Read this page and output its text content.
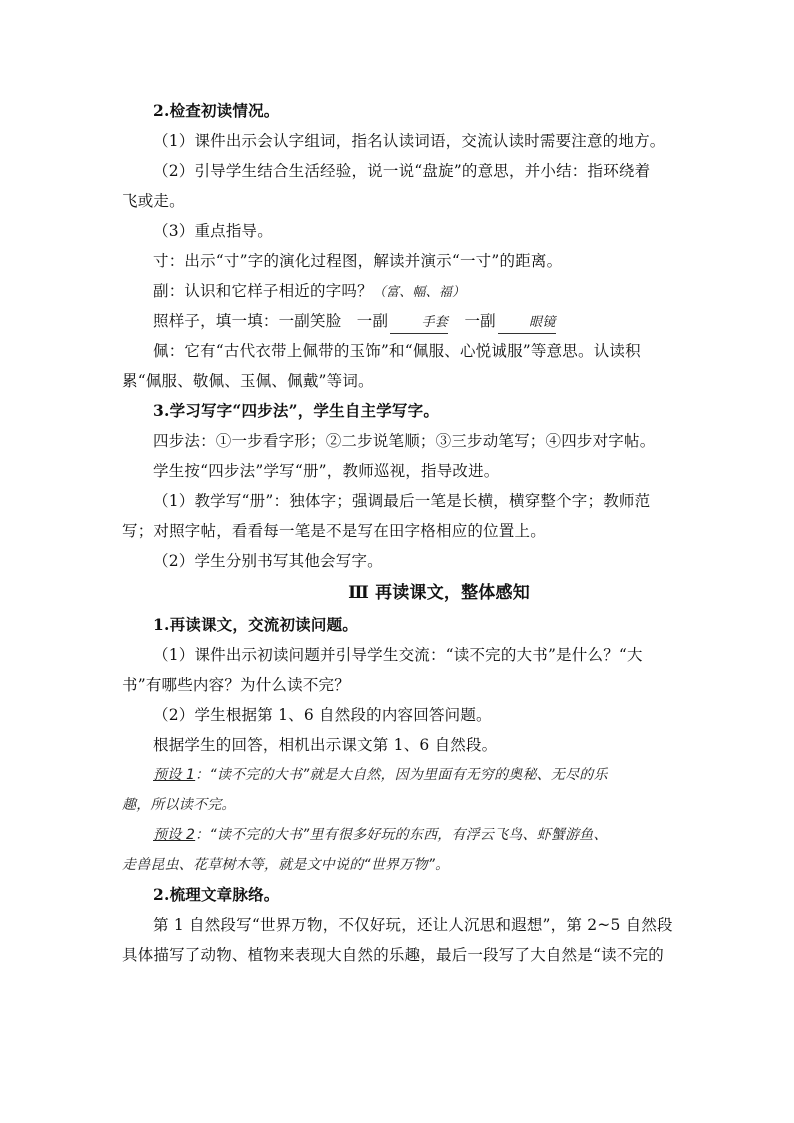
2.检查初读情况。

（1）课件出示会认字组词，指名认读词语，交流认读时需要注意的地方。

（2）引导学生结合生活经验，说一说“盘旋”的意思，并小结：指环绕着

飞或走。

（3）重点指导。

寸：出示“寸”字的演化过程图，解读并演示“一寸”的距离。

副：认识和它样子相近的字吗？（富、幅、福）

照样子，填一填：一副笑脸 一副	手套 一副	眼镜

佩：它有“古代衣带上佩带的玉饰”和“佩服、心悦诚服”等意思。认读积

累“佩服、敬佩、玉佩、佩戴”等词。

3.学习写字“四步法”，学生自主学写字。

四步法：①一步看字形；②二步说笔顺；③三步动笔写；④四步对字帖。

学生按“四步法”学写“册”，教师巡视，指导改进。

（1）教学写“册”：独体字；强调最后一笔是长横，横穿整个字；教师范

写；对照字帖，看看每一笔是不是写在田字格相应的位置上。

（2）学生分别书写其他会写字。

Ⅲ 再读课文，整体感知

1.再读课文，交流初读问题。

（1）课件出示初读问题并引导学生交流：“读不完的大书”是什么？“大

书”有哪些内容？为什么读不完？

（2）学生根据第 1、6 自然段的内容回答问题。

根据学生的回答，相机出示课文第 1、6 自然段。

预设 1：“读不完的大书”就是大自然，因为里面有无穷的奥秘、无尽的乐

趣，所以读不完。

预设 2：“读不完的大书”里有很多好玩的东西，有浮云飞鸟、虾蟹游鱼、

走兽昆虫、花草树木等，就是文中说的“世界万物”。

2.梳理文章脉络。

第 1 自然段写“世界万物，不仅好玩，还让人沉思和遐想”，第 2~5 自然段

具体描写了动物、植物来表现大自然的乐趣，最后一段写了大自然是“读不完的
